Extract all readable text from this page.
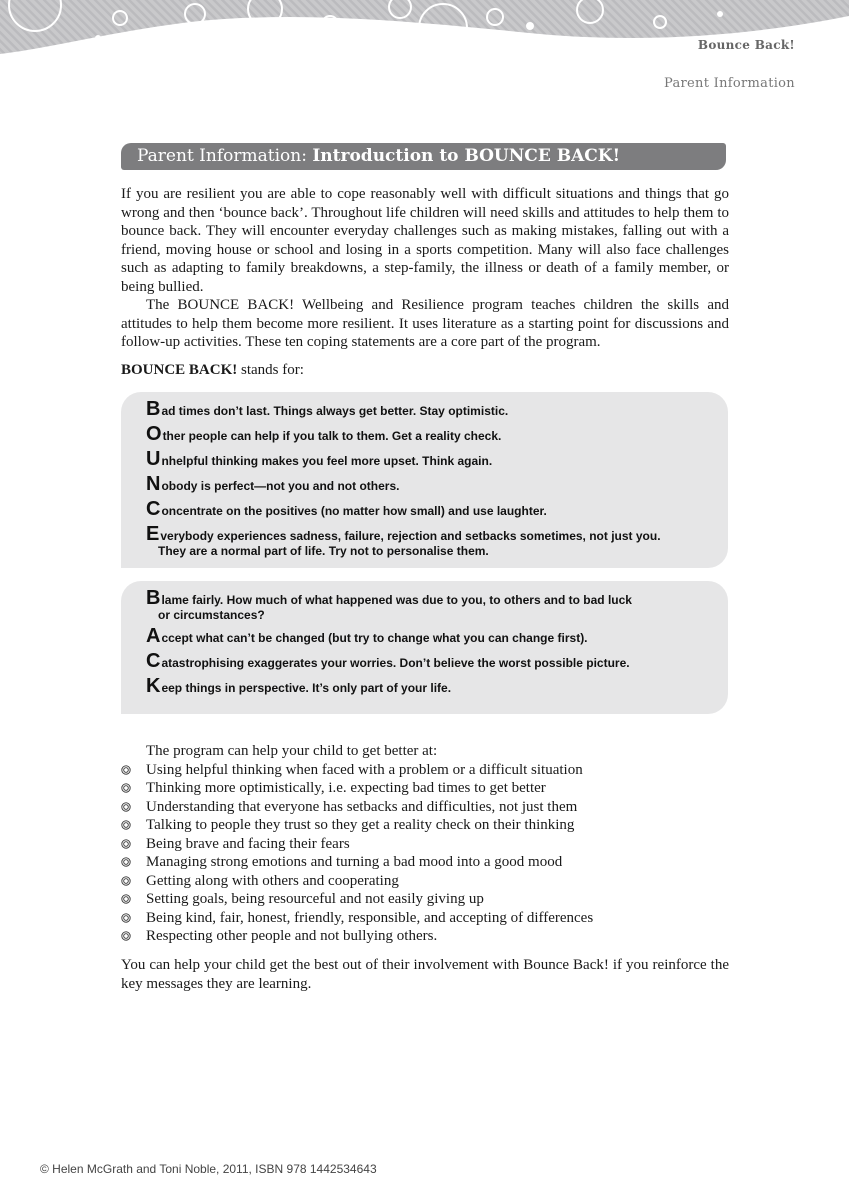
Bounce Back!
Parent Information
Parent Information: Introduction to BOUNCE BACK!

If you are resilient you are able to cope reasonably well with difficult situations and things that go wrong and then ‘bounce back’. Throughout life children will need skills and attitudes to help them to bounce back. They will encounter everyday challenges such as making mistakes, falling out with a friend, moving house or school and losing in a sports competition. Many will also face challenges such as adapting to family breakdowns, a step-family, the illness or death of a family member, or being bullied.

The BOUNCE BACK! Wellbeing and Resilience program teaches children the skills and attitudes to help them become more resilient. It uses literature as a starting point for discussions and follow-up activities. These ten coping statements are a core part of the program.

BOUNCE BACK! stands for:
Bad times don’t last. Things always get better. Stay optimistic.
Other people can help if you talk to them. Get a reality check.
Unhelpful thinking makes you feel more upset. Think again.
Nobody is perfect—not you and not others.
Concentrate on the positives (no matter how small) and use laughter.
Everybody experiences sadness, failure, rejection and setbacks sometimes, not just you.
They are a normal part of life. Try not to personalise them.
Blame fairly. How much of what happened was due to you, to others and to bad luck
or circumstances?
Accept what can’t be changed (but try to change what you can change first).
Catastrophising exaggerates your worries. Don’t believe the worst possible picture.
Keep things in perspective. It’s only part of your life.

The program can help your child to get better at:

Using helpful thinking when faced with a problem or a difficult situation
Thinking more optimistically, i.e. expecting bad times to get better
Understanding that everyone has setbacks and difficulties, not just them
Talking to people they trust so they get a reality check on their thinking
Being brave and facing their fears
Managing strong emotions and turning a bad mood into a good mood
Getting along with others and cooperating
Setting goals, being resourceful and not easily giving up
Being kind, fair, honest, friendly, responsible, and accepting of differences
Respecting other people and not bullying others.

You can help your child get the best out of their involvement with Bounce Back! if you reinforce the key messages they are learning.

© Helen McGrath and Toni Noble, 2011, ISBN 978 1442534643
